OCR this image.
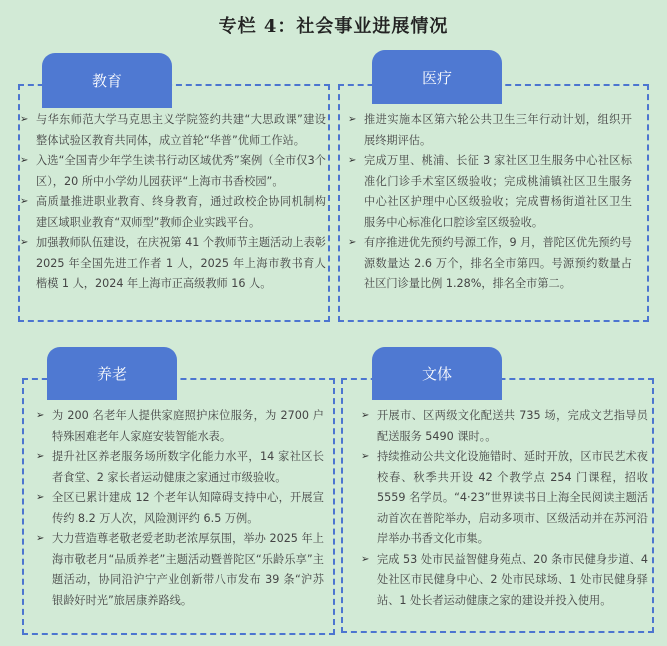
专栏 4：社会事业进展情况
教育
➢ 与华东师范大学马克思主义学院签约共建“大思政课”建设整体试验区教育共同体，成立首轮“华普”优师工作站。
➢ 入选“全国青少年学生读书行动区域优秀”案例（全市仅3个区），20 所中小学幼儿园获评“上海市书香校园”。
➢ 高质量推进职业教育、终身教育，通过政校企协同机制构建区域职业教育“双师型”教师企业实践平台。
➢ 加强教师队伍建设，在庆祝第 41 个教师节主题活动上表彰 2025 年全国先进工作者 1 人，2025 年上海市教书育人楷模 1 人，2024 年上海市正高级教师 16 人。
医疗
➢ 推进实施本区第六轮公共卫生三年行动计划，组织开展终期评估。
➢ 完成万里、桃浦、长征 3 家社区卫生服务中心社区标准化门诊手术室区级验收；完成桃浦镇社区卫生服务中心社区护理中心区级验收；完成曹杨街道社区卫生服务中心标准化口腔诊室区级验收。
➢ 有序推进优先预约号源工作，9 月，普陀区优先预约号源数量达 2.6 万个，排名全市第四。号源预约数量占社区门诊量比例 1.28%，排名全市第二。
养老
➢ 为 200 名老年人提供家庭照护床位服务，为 2700 户特殊困难老年人家庭安装智能水表。
➢ 提升社区养老服务场所数字化能力水平，14 家社区长者食堂、2 家长者运动健康之家通过市级验收。
➢ 全区已累计建成 12 个老年认知障碍支持中心，开展宣传约 8.2 万人次，风险测评约 6.5 万例。
➢ 大力营造尊老敬老爱老助老浓厚氛围，举办 2025 年上海市敬老月“品质养老”主题活动暨普陀区“乐龄乐享”主题活动，协同沿沪宁产业创新带八市发布 39 条“沪苏银龄好时光”旅居康养路线。
文体
➢ 开展市、区两级文化配送共 735 场，完成文艺指导员配送服务 5490 课时。。
➢ 持续推动公共文化设施错时、延时开放，区市民艺术夜校春、秋季共开设 42 个教学点 254 门课程，招收 5559 名学员。“4·23”世界读书日上海全民阅读主题活动首次在普陀举办，启动多项市、区级活动并在苏河沿岸举办书香文化市集。
➢ 完成 53 处市民益智健身苑点、20 条市民健身步道、4 处社区市民健身中心、2 处市民球场、1 处市民健身驿站、1 处长者运动健康之家的建设并投入使用。
